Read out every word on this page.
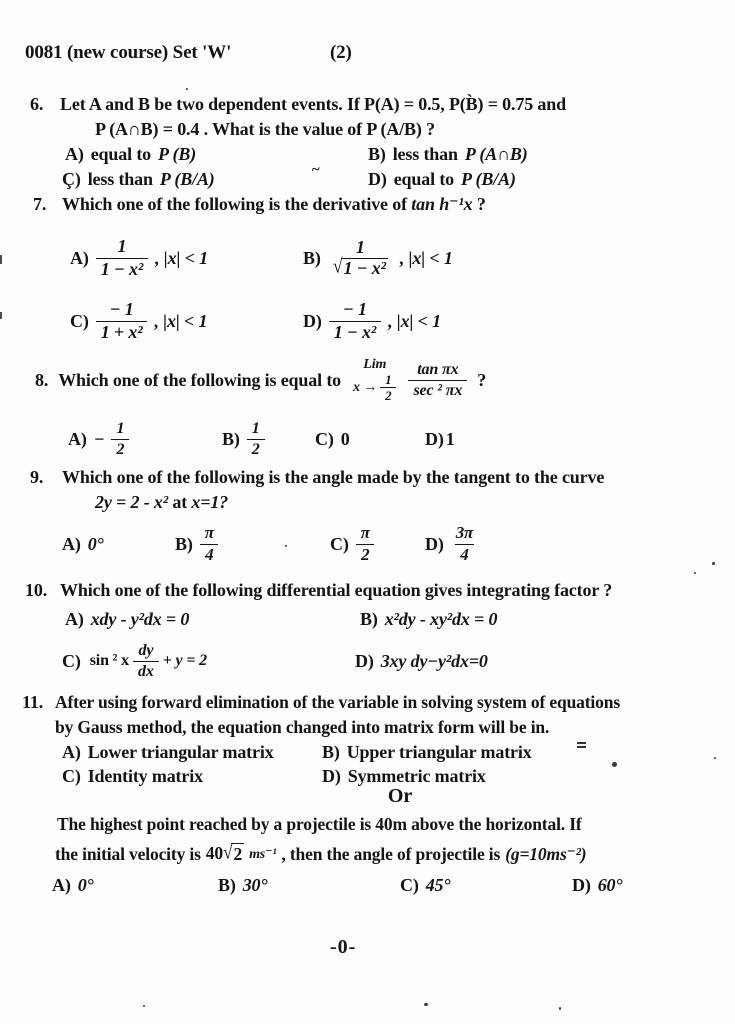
0081 (new course) Set 'W'	(2)
6. Let A and B be two dependent events. If P(A) = 0.5, P(B̀) = 0.75 and
P (A∩B) = 0.4 . What is the value of P (A/B) ?
A) equal to P (B)	B) less than P (A∩B)
Ç) less than P (B/A)	D) equal to P (B/A)
~
7. Which one of the following is the derivative of tan h⁻¹x ?
$A) \frac{1}{\text{1 − x²}}$ , |x| < 1	B)
1
√ 1 − x²
, |x| < 1
$C) \frac{- 1}{\text{1 + x²}}$ , |x| < 1	$D) \frac{- 1}{\text{1 − x²}}$ , |x| < 1
8. Which one of the following is equal to
Lim
$x \to \frac{1}{2} \frac{\text{tan πx}}{\text{sec ² πx}}$ ?
$A) - \frac{1}{2}$	$B) \frac{1}{2}$	C) 0	D) 1
9. Which one of the following is the angle made by the tangent to the curve
2y = 2 - x² at x=1?
A) 0°	$B) \frac{\pi}{4}$	$C) \frac{\pi}{2}$	$D) \frac{3\pi}{4}$
10. Which one of the following differential equation gives integrating factor ?
A) xdy - y²dx = 0	B) x²dy - xy²dx = 0
C) sin ² x $\frac{dy}{dx} + y = 2$	D) 3xy dy−y²dx=0
11. After using forward elimination of the variable in solving system of equations
by Gauss method, the equation changed into matrix form will be in.
A) Lower triangular matrix	B) Upper triangular matrix
C) Identity matrix	D) Symmetric matrix
Or
The highest point reached by a projectile is 40m above the horizontal. If
the initial velocity is 40 √ 2 ms⁻¹ , then the angle of projectile is (g=10ms⁻²)
A) 0°	B) 30°	C) 45°	D) 60°
-0-
